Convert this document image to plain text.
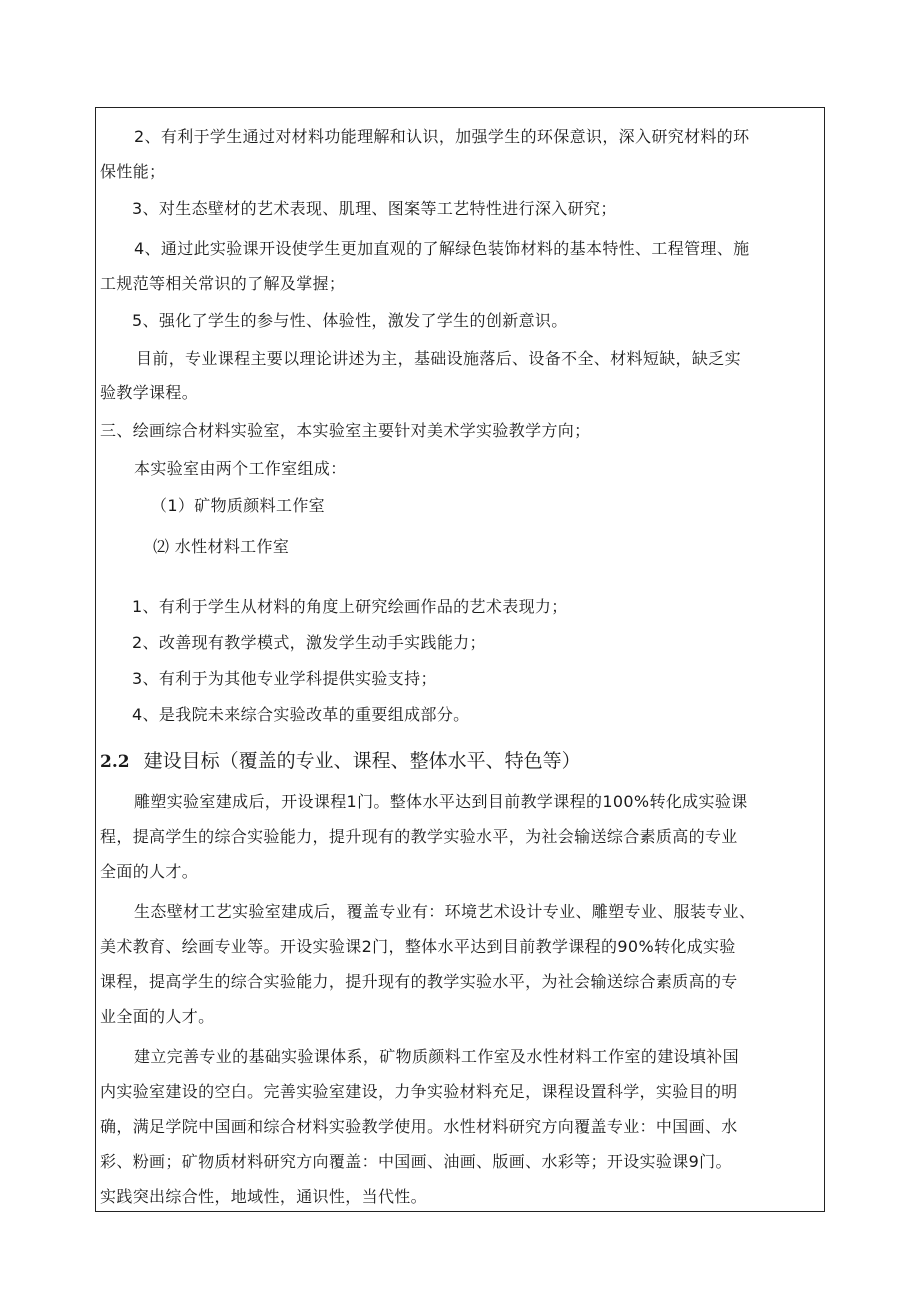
2、有利于学生通过对材料功能理解和认识，加强学生的环保意识，深入研究材料的环
保性能；
3、对生态壁材的艺术表现、肌理、图案等工艺特性进行深入研究；
4、通过此实验课开设使学生更加直观的了解绿色装饰材料的基本特性、工程管理、施
工规范等相关常识的了解及掌握；
5、强化了学生的参与性、体验性，激发了学生的创新意识。
目前，专业课程主要以理论讲述为主，基础设施落后、设备不全、材料短缺，缺乏实
验教学课程。
三、绘画综合材料实验室，本实验室主要针对美术学实验教学方向；
本实验室由两个工作室组成：
（1）矿物质颜料工作室
⑵ 水性材料工作室
1、有利于学生从材料的角度上研究绘画作品的艺术表现力；
2、改善现有教学模式，激发学生动手实践能力；
3、有利于为其他专业学科提供实验支持；
4、是我院未来综合实验改革的重要组成部分。
2.2 建设目标（覆盖的专业、课程、整体水平、特色等）
雕塑实验室建成后，开设课程1门。整体水平达到目前教学课程的100%转化成实验课
程，提高学生的综合实验能力，提升现有的教学实验水平，为社会输送综合素质高的专业
全面的人才。
生态壁材工艺实验室建成后，覆盖专业有：环境艺术设计专业、雕塑专业、服装专业、
美术教育、绘画专业等。开设实验课2门，整体水平达到目前教学课程的90%转化成实验
课程，提高学生的综合实验能力，提升现有的教学实验水平，为社会输送综合素质高的专
业全面的人才。
建立完善专业的基础实验课体系，矿物质颜料工作室及水性材料工作室的建设填补国
内实验室建设的空白。完善实验室建设，力争实验材料充足，课程设置科学，实验目的明
确，满足学院中国画和综合材料实验教学使用。水性材料研究方向覆盖专业：中国画、水
彩、粉画；矿物质材料研究方向覆盖：中国画、油画、版画、水彩等；开设实验课9门。
实践突出综合性，地域性，通识性，当代性。
